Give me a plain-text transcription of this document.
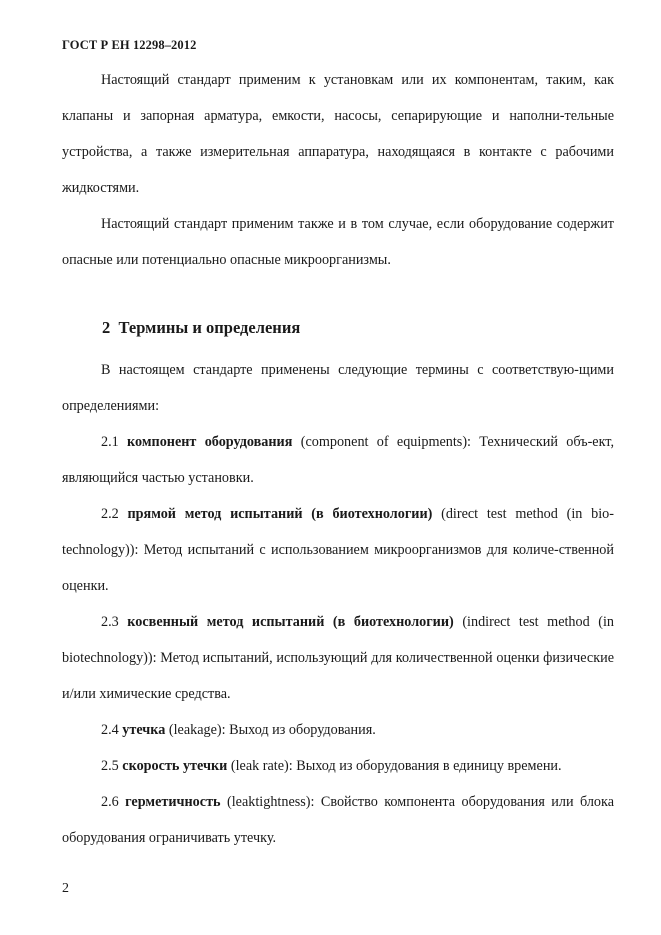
ГОСТ Р ЕН 12298–2012
Настоящий стандарт применим к установкам или их компонентам, таким, как клапаны и запорная арматура, емкости, насосы, сепарирующие и наполни-тельные устройства, а также измерительная аппаратура, находящаяся в контакте с рабочими жидкостями.
Настоящий стандарт применим также и в том случае, если оборудование содержит опасные или потенциально опасные микроорганизмы.
2 Термины и определения
В настоящем стандарте применены следующие термины с соответствую-щими определениями:
2.1 компонент оборудования (component of equipments): Технический объ-ект, являющийся частью установки.
2.2 прямой метод испытаний (в биотехнологии) (direct test method (in bio-technology)): Метод испытаний с использованием микроорганизмов для количе-ственной оценки.
2.3 косвенный метод испытаний (в биотехнологии) (indirect test method (in biotechnology)): Метод испытаний, использующий для количественной оценки физические и/или химические средства.
2.4 утечка (leakage): Выход из оборудования.
2.5 скорость утечки (leak rate): Выход из оборудования в единицу времени.
2.6 герметичность (leaktightness): Свойство компонента оборудования или блока оборудования ограничивать утечку.
2
